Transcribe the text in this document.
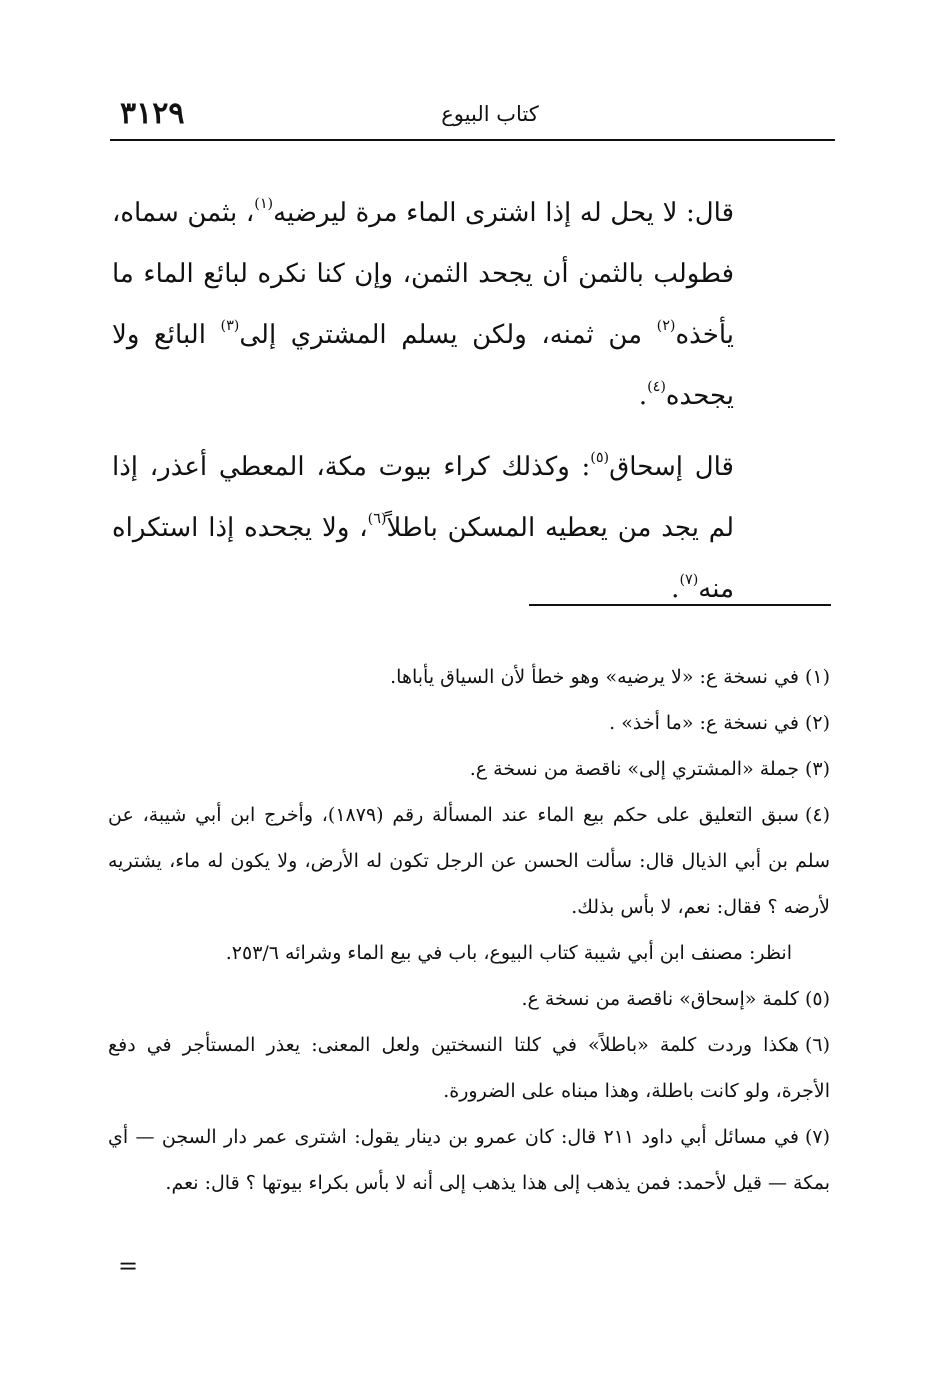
٣١٢٩	كتاب البيوع

قال: لا يحل له إذا اشترى الماء مرة ليرضيه$^{(١)}$، بثمن سماه، فطولب بالثمن أن يجحد الثمن، وإن كنا نكره لبائع الماء ما يأخذه$^{(٢)}$ من ثمنه، ولكن يسلم المشتري إلى$^{(٣)}$ البائع ولا يجحده$^{(٤)}$.

قال إسحاق$^{(٥)}$: وكذلك كراء بيوت مكة، المعطي أعذر، إذا لم يجد من يعطيه المسكن باطلاً$^{(٦)}$، ولا يجحده إذا استكراه منه$^{(٧)}$.

(١)في نسخة ع: «لا يرضيه» وهو خطأ لأن السياق يأباها.

(٢)في نسخة ع: «ما أخذ» .

(٣)جملة «المشتري إلى» ناقصة من نسخة ع.

(٤)سبق التعليق على حكم بيع الماء عند المسألة رقم (١٨٧٩)، وأخرج ابن أبي شيبة، عن سلم بن أبي الذيال قال: سألت الحسن عن الرجل تكون له الأرض، ولا يكون له ماء، يشتريه لأرضه ؟ فقال: نعم، لا بأس بذلك.

انظر: مصنف ابن أبي شيبة كتاب البيوع، باب في بيع الماء وشرائه ٢٥٣/٦.

(٥)كلمة «إسحاق» ناقصة من نسخة ع.

(٦)هكذا وردت كلمة «باطلاً» في كلتا النسختين ولعل المعنى: يعذر المستأجر في دفع الأجرة، ولو كانت باطلة، وهذا مبناه على الضرورة.

(٧)في مسائل أبي داود ٢١١ قال: كان عمرو بن دينار يقول: اشترى عمر دار السجن — أي بمكة — قيل لأحمد: فمن يذهب إلى هذا يذهب إلى أنه لا بأس بكراء بيوتها ؟ قال: نعم.

=
